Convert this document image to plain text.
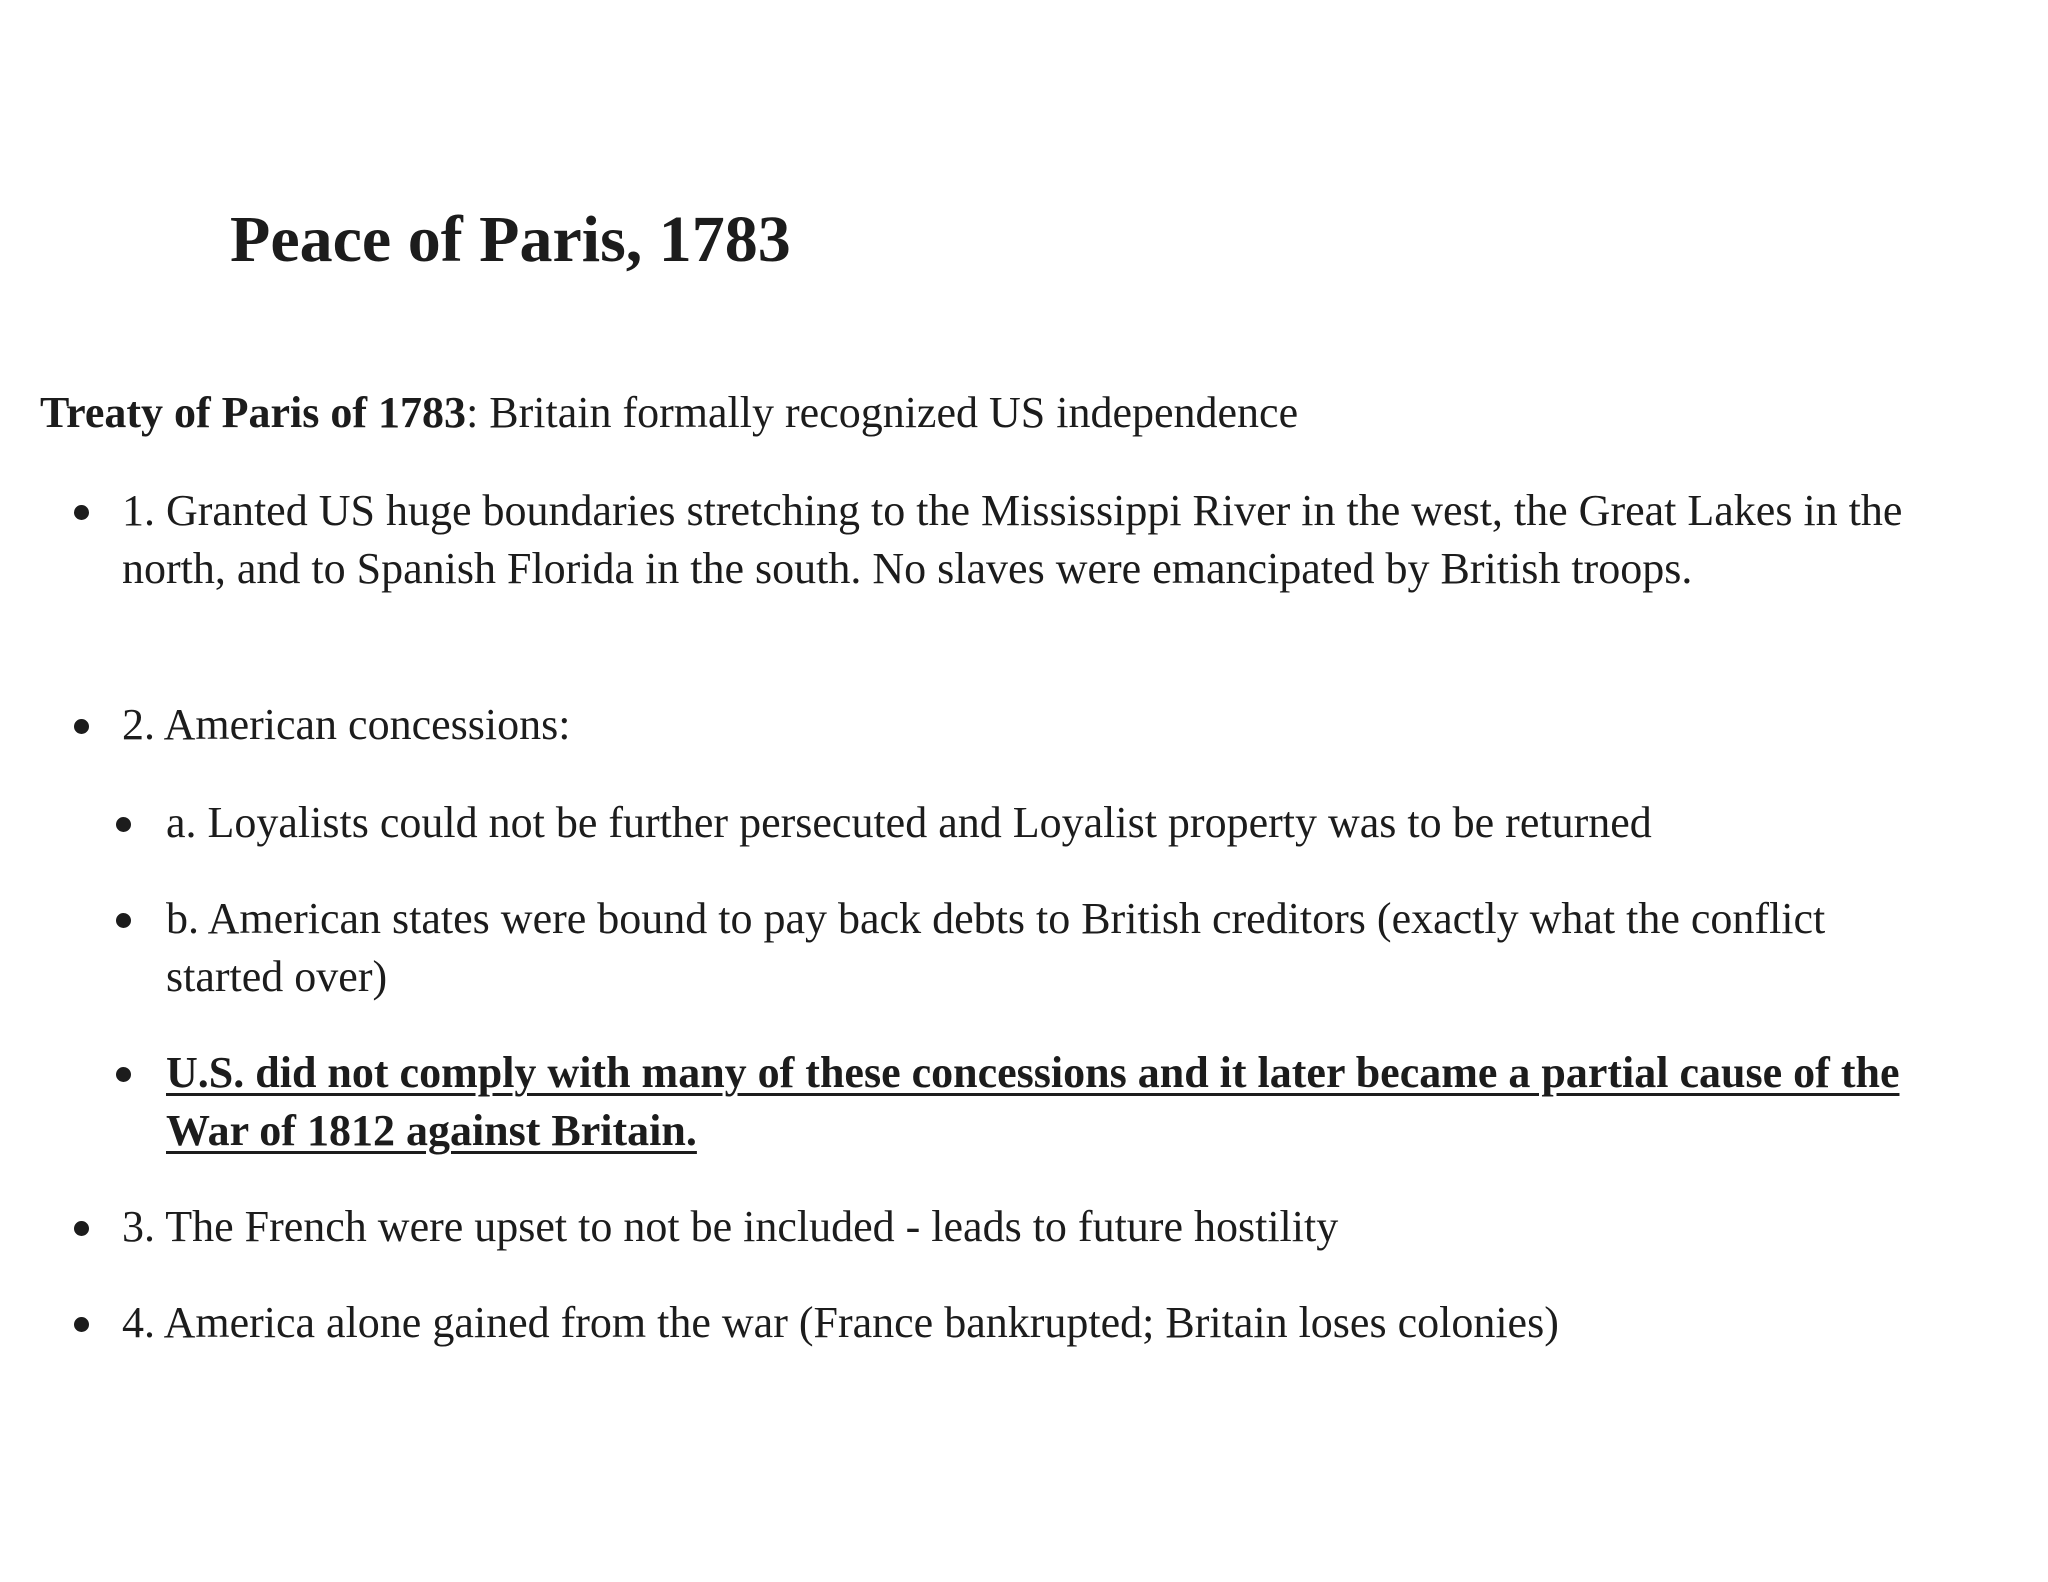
Peace of Paris, 1783

Treaty of Paris of 1783: Britain formally recognized US independence

1. Granted US huge boundaries stretching to the Mississippi River in the west, the Great Lakes in the north, and to Spanish Florida in the south. No slaves were emancipated by British troops.
2. American concessions:
a. Loyalists could not be further persecuted and Loyalist property was to be returned
b. American states were bound to pay back debts to British creditors (exactly what the conflict started over)
U.S. did not comply with many of these concessions and it later became a partial cause of the War of 1812 against Britain.
3. The French were upset to not be included - leads to future hostility
4. America alone gained from the war (France bankrupted; Britain loses colonies)
